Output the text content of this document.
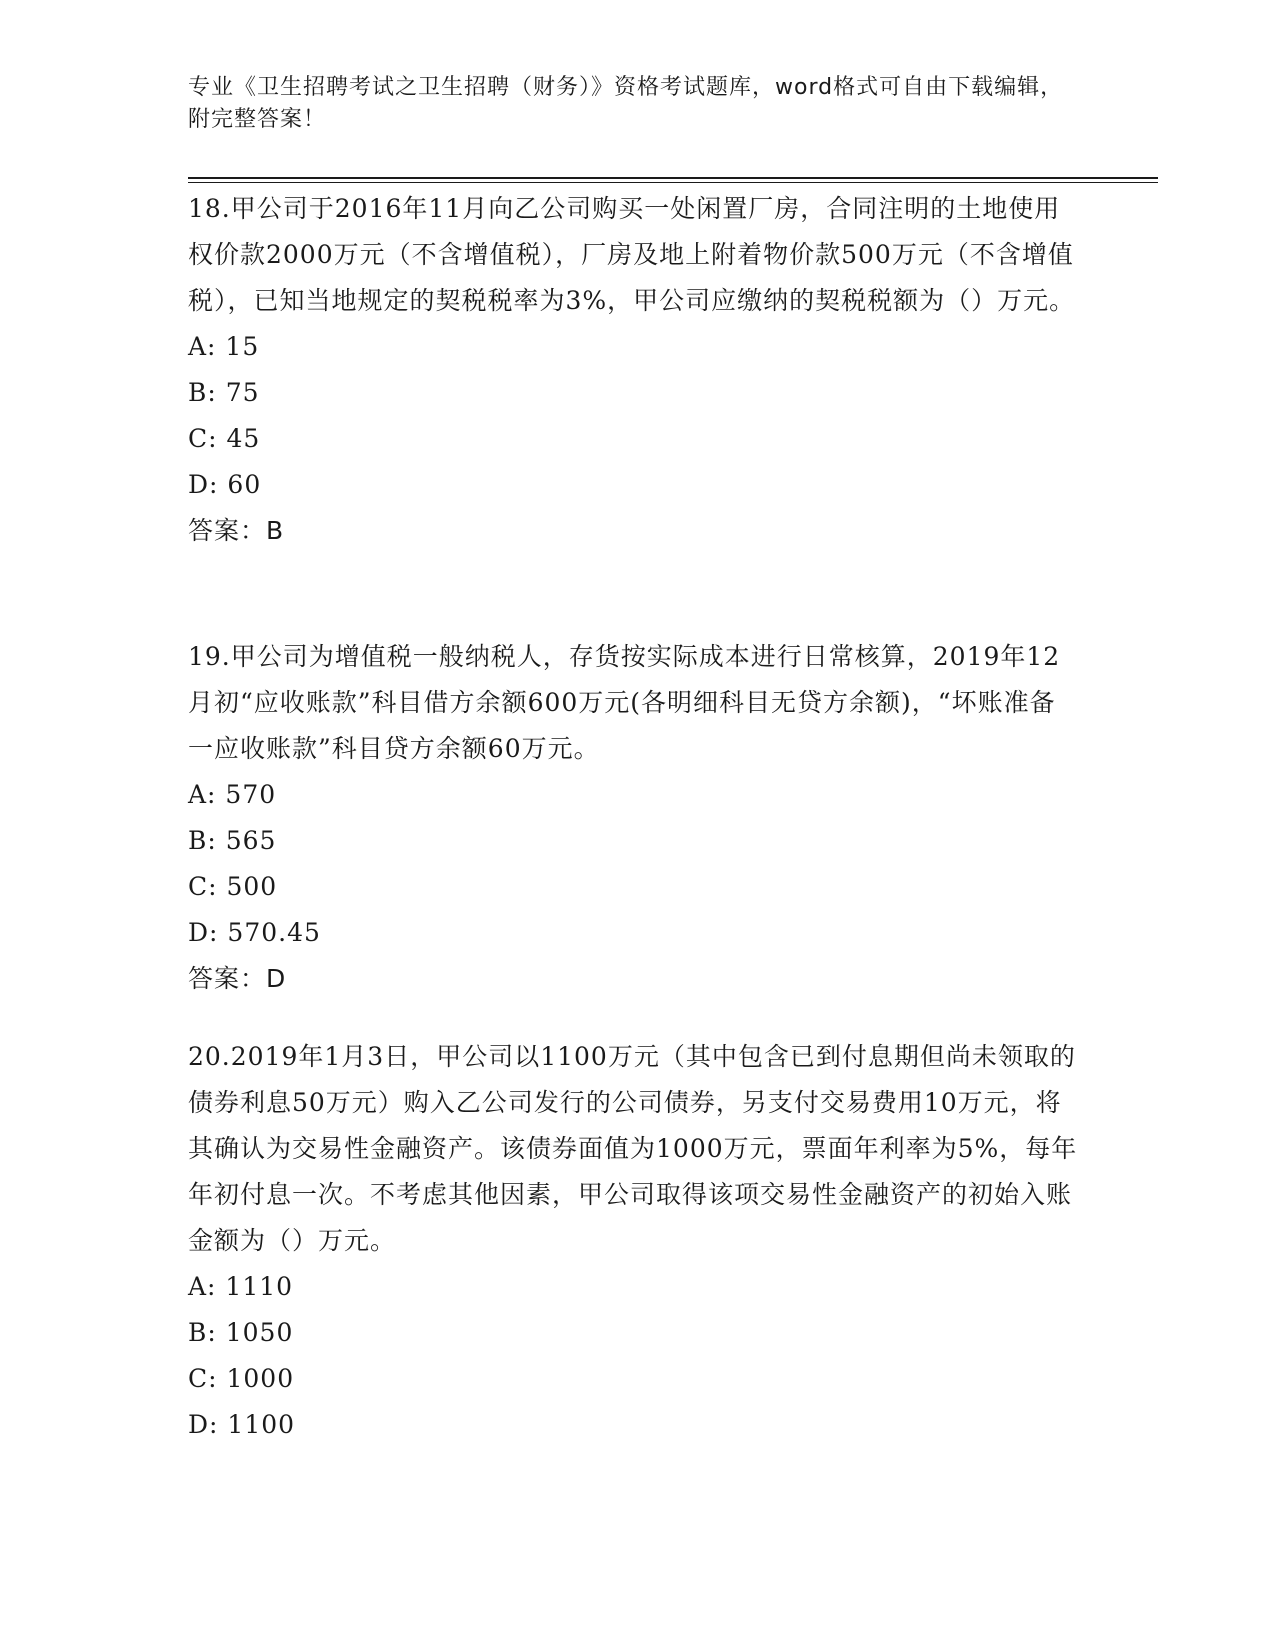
专业《卫生招聘考试之卫生招聘（财务）》资格考试题库，word格式可自由下载编辑，附完整答案！

18.甲公司于2016年11月向乙公司购买一处闲置厂房，合同注明的土地使用权价款2000万元（不含增值税），厂房及地上附着物价款500万元（不含增值税），已知当地规定的契税税率为3%，甲公司应缴纳的契税税额为（）万元。

A: 15

B: 75

C: 45

D: 60

答案：B

19.甲公司为增值税一般纳税人，存货按实际成本进行日常核算，2019年12月初“应收账款”科目借方余额600万元(各明细科目无贷方余额)，“坏账准备一应收账款”科目贷方余额60万元。

A: 570

B: 565

C: 500

D: 570.45

答案：D

20.2019年1月3日，甲公司以1100万元（其中包含已到付息期但尚未领取的债券利息50万元）购入乙公司发行的公司债券，另支付交易费用10万元，将其确认为交易性金融资产。该债券面值为1000万元，票面年利率为5%，每年年初付息一次。不考虑其他因素，甲公司取得该项交易性金融资产的初始入账金额为（）万元。

A: 1110

B: 1050

C: 1000

D: 1100
